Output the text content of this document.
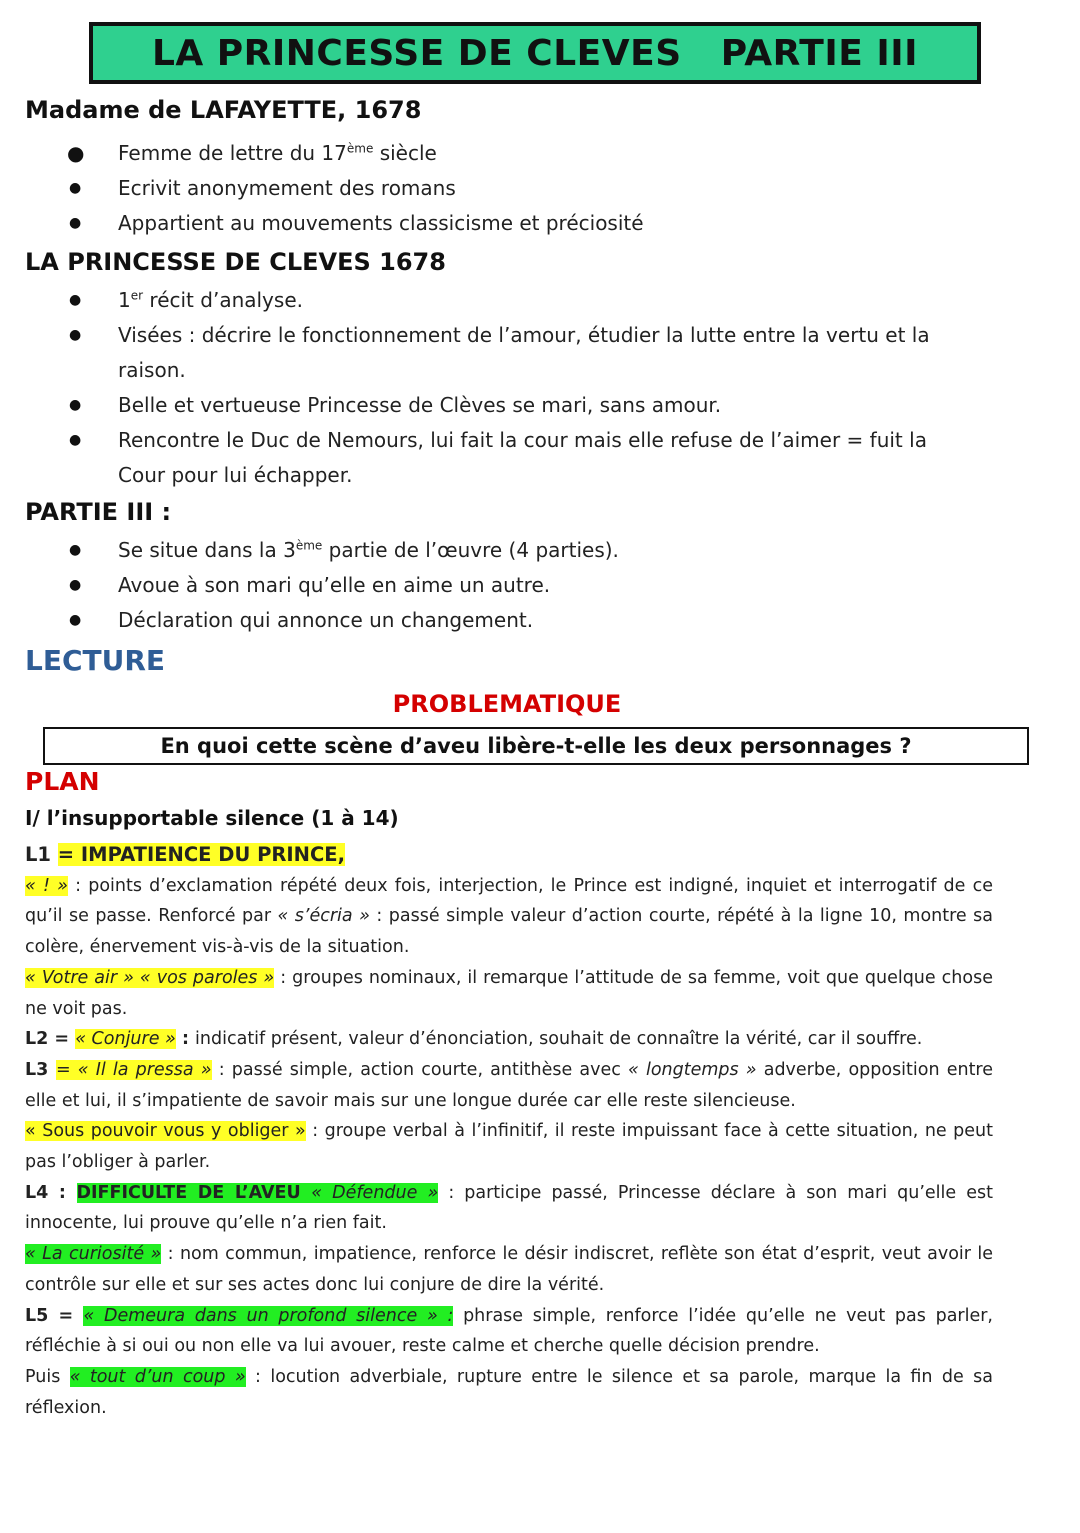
LA PRINCESSE DE CLEVES   PARTIE III
Madame de LAFAYETTE, 1678
● Femme de lettre du 17ème siècle
● Ecrivit anonymement des romans
● Appartient au mouvements classicisme et préciosité
LA PRINCESSE DE CLEVES 1678
● 1er récit d’analyse.
● Visées : décrire le fonctionnement de l’amour, étudier la lutte entre la vertu et la raison.
● Belle et vertueuse Princesse de Clèves se mari, sans amour.
● Rencontre le Duc de Nemours, lui fait la cour mais elle refuse de l’aimer = fuit la Cour pour lui échapper.
PARTIE III :
● Se situe dans la 3ème partie de l’œuvre (4 parties).
● Avoue à son mari qu’elle en aime un autre.
● Déclaration qui annonce un changement.
LECTURE
PROBLEMATIQUE
En quoi cette scène d’aveu libère-t-elle les deux personnages ?
PLAN
I/ l’insupportable silence (1 à 14)

L1 = IMPATIENCE DU PRINCE,

« ! » : points d’exclamation répété deux fois, interjection, le Prince est indigné, inquiet et interrogatif de ce qu’il se passe. Renforcé par « s’écria » : passé simple valeur d’action courte, répété à la ligne 10, montre sa colère, énervement vis-à-vis de la situation.

« Votre air » « vos paroles » : groupes nominaux, il remarque l’attitude de sa femme, voit que quelque chose ne voit pas.

L2 = « Conjure » : indicatif présent, valeur d’énonciation, souhait de connaître la vérité, car il souffre.

L3 = « Il la pressa » : passé simple, action courte, antithèse avec « longtemps » adverbe, opposition entre elle et lui, il s’impatiente de savoir mais sur une longue durée car elle reste silencieuse.

« Sous pouvoir vous y obliger » : groupe verbal à l’infinitif, il reste impuissant face à cette situation, ne peut pas l’obliger à parler.

L4 : DIFFICULTE DE L’AVEU « Défendue » : participe passé, Princesse déclare à son mari qu’elle est innocente, lui prouve qu’elle n’a rien fait.

« La curiosité » : nom commun, impatience, renforce le désir indiscret, reflète son état d’esprit, veut avoir le contrôle sur elle et sur ses actes donc lui conjure de dire la vérité.

L5 = « Demeura dans un profond silence » : phrase simple, renforce l’idée qu’elle ne veut pas parler, réfléchie à si oui ou non elle va lui avouer, reste calme et cherche quelle décision prendre.

Puis « tout d’un coup » : locution adverbiale, rupture entre le silence et sa parole, marque la fin de sa réflexion.
